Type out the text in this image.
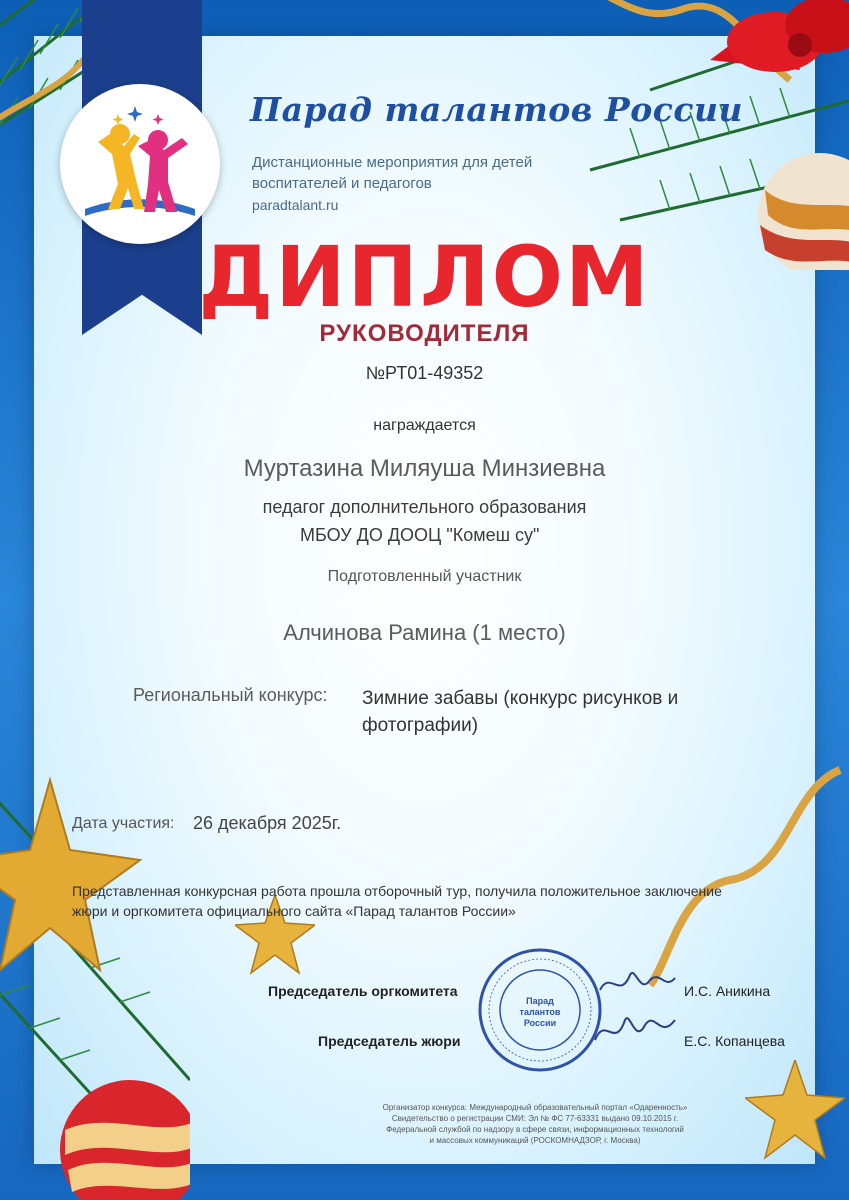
Парад талантов России
Дистанционные мероприятия для детей воспитателей и педагогов
paradtalant.ru
ДИПЛОМ
РУКОВОДИТЕЛЯ
№РТ01-49352
награждается
Муртазина Миляуша Минзиевна
педагог дополнительного образования
МБОУ ДО ДООЦ "Комеш су"
Подготовленный участник
Алчинова Рамина (1 место)
Региональный конкурс: Зимние забавы (конкурс рисунков и фотографии)
Дата участия: 26 декабря 2025г.
Представленная конкурсная работа прошла отборочный тур, получила положительное заключение жюри и оргкомитета официального сайта «Парад талантов России»
Председатель оргкомитета	И.С. Аникина
Председатель жюри	Е.С. Копанцева
Парад талантов России
Организатор конкурса: Международный образовательный портал «Одаренность»
Свидетельство о регистрации СМИ: Эл № ФС 77-63331 выдано 09.10.2015 г.
Федеральной службой по надзору в сфере связи, информационных технологий
и массовых коммуникаций (РОСКОМНАДЗОР, г. Москва)
